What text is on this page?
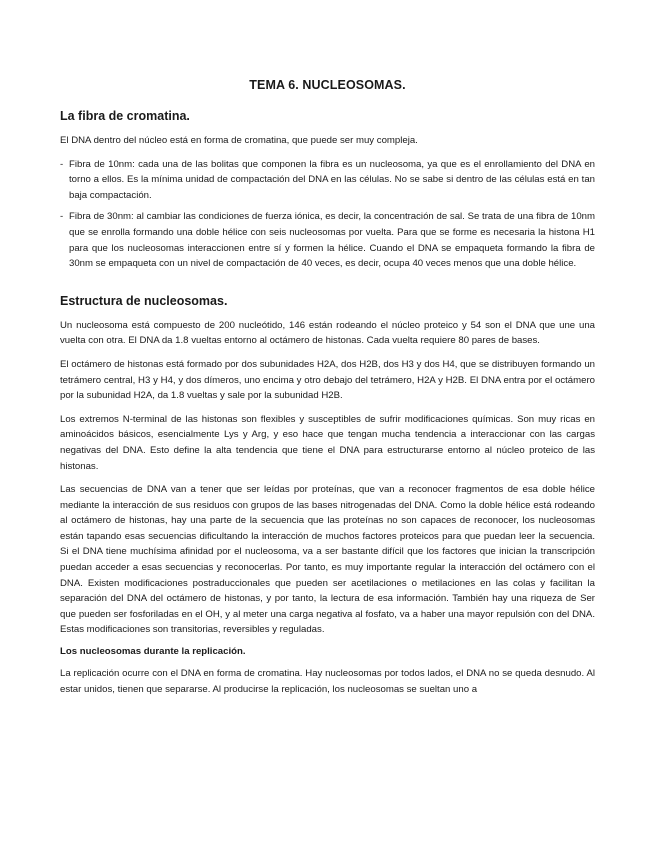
TEMA 6. NUCLEOSOMAS.
La fibra de cromatina.

El DNA dentro del núcleo está en forma de cromatina, que puede ser muy compleja.

- Fibra de 10nm: cada una de las bolitas que componen la fibra es un nucleosoma, ya que es el enrollamiento del DNA en torno a ellos. Es la mínima unidad de compactación del DNA en las células. No se sabe si dentro de las células está en tan baja compactación.
- Fibra de 30nm: al cambiar las condiciones de fuerza iónica, es decir, la concentración de sal. Se trata de una fibra de 10nm que se enrolla formando una doble hélice con seis nucleosomas por vuelta. Para que se forme es necesaria la histona H1 para que los nucleosomas interaccionen entre sí y formen la hélice. Cuando el DNA se empaqueta formando la fibra de 30nm se empaqueta con un nivel de compactación de 40 veces, es decir, ocupa 40 veces menos que una doble hélice.
Estructura de nucleosomas.

Un nucleosoma está compuesto de 200 nucleótido, 146 están rodeando el núcleo proteico y 54 son el DNA que une una vuelta con otra. El DNA da 1.8 vueltas entorno al octámero de histonas. Cada vuelta requiere 80 pares de bases.

El octámero de histonas está formado por dos subunidades H2A, dos H2B, dos H3 y dos H4, que se distribuyen formando un tetrámero central, H3 y H4, y dos dímeros, uno encima y otro debajo del tetrámero, H2A y H2B. El DNA entra por el octámero por la subunidad H2A, da 1.8 vueltas y sale por la subunidad H2B.

Los extremos N-terminal de las histonas son flexibles y susceptibles de sufrir modificaciones químicas. Son muy ricas en aminoácidos básicos, esencialmente Lys y Arg, y eso hace que tengan mucha tendencia a interaccionar con las cargas negativas del DNA. Esto define la alta tendencia que tiene el DNA para estructurarse entorno al núcleo proteico de las histonas.

Las secuencias de DNA van a tener que ser leídas por proteínas, que van a reconocer fragmentos de esa doble hélice mediante la interacción de sus residuos con grupos de las bases nitrogenadas del DNA. Como la doble hélice está rodeando al octámero de histonas, hay una parte de la secuencia que las proteínas no son capaces de reconocer, los nucleosomas están tapando esas secuencias dificultando la interacción de muchos factores proteicos para que puedan leer la secuencia. Si el DNA tiene muchísima afinidad por el nucleosoma, va a ser bastante difícil que los factores que inician la transcripción puedan acceder a esas secuencias y reconocerlas. Por tanto, es muy importante regular la interacción del octámero con el DNA. Existen modificaciones postraduccionales que pueden ser acetilaciones o metilaciones en las colas y facilitan la separación del DNA del octámero de histonas, y por tanto, la lectura de esa información. También hay una riqueza de Ser que pueden ser fosforiladas en el OH, y al meter una carga negativa al fosfato, va a haber una mayor repulsión con del DNA. Estas modificaciones son transitorias, reversibles y reguladas.

Los nucleosomas durante la replicación.

La replicación ocurre con el DNA en forma de cromatina. Hay nucleosomas por todos lados, el DNA no se queda desnudo. Al estar unidos, tienen que separarse. Al producirse la replicación, los nucleosomas se sueltan uno a
